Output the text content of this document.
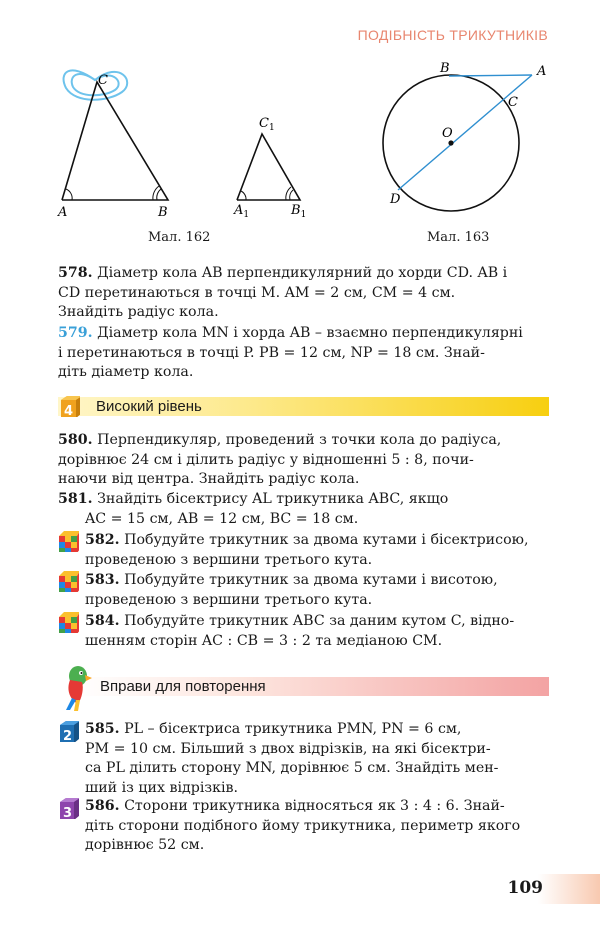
ПОДІБНІСТЬ ТРИКУТНИКІВ
A	B
C
$A_1$	$B_1$
$C_1$
B	A
C
O
D
Мал. 162	Мал. 163
578. Діаметр кола AB перпендикулярний до хорди CD. AB і
CD перетинаються в точці M. AM = 2 см, CM = 4 см.
Знайдіть радіус кола.
579. Діаметр кола MN і хорда AB – взаємно перпендикулярні
і перетинаються в точці P. PB = 12 см, NP = 18 см. Знай-
діть діаметр кола.
Високий рівень
4
580. Перпендикуляр, проведений з точки кола до радіуса,
дорівнює 24 см і ділить радіус у відношенні 5 : 8, почи-
наючи від центра. Знайдіть радіус кола.
581. Знайдіть бісектрису AL трикутника ABC, якщо
AC = 15 см, AB = 12 см, BC = 18 см.
582. Побудуйте трикутник за двома кутами і бісектрисою,
проведеною з вершини третього кута.
583. Побудуйте трикутник за двома кутами і висотою,
проведеною з вершини третього кута.
584. Побудуйте трикутник ABC за даним кутом C, відно-
шенням сторін AC : CB = 3 : 2 та медіаною CM.
Вправи для повторення
2 585. PL – бісектриса трикутника PMN, PN = 6 см,
PM = 10 см. Більший з двох відрізків, на які бісектри-
са PL ділить сторону MN, дорівнює 5 см. Знайдіть мен-
ший із цих відрізків.
3 586. Сторони трикутника відносяться як 3 : 4 : 6. Знай-
діть сторони подібного йому трикутника, периметр якого
дорівнює 52 см.
109
